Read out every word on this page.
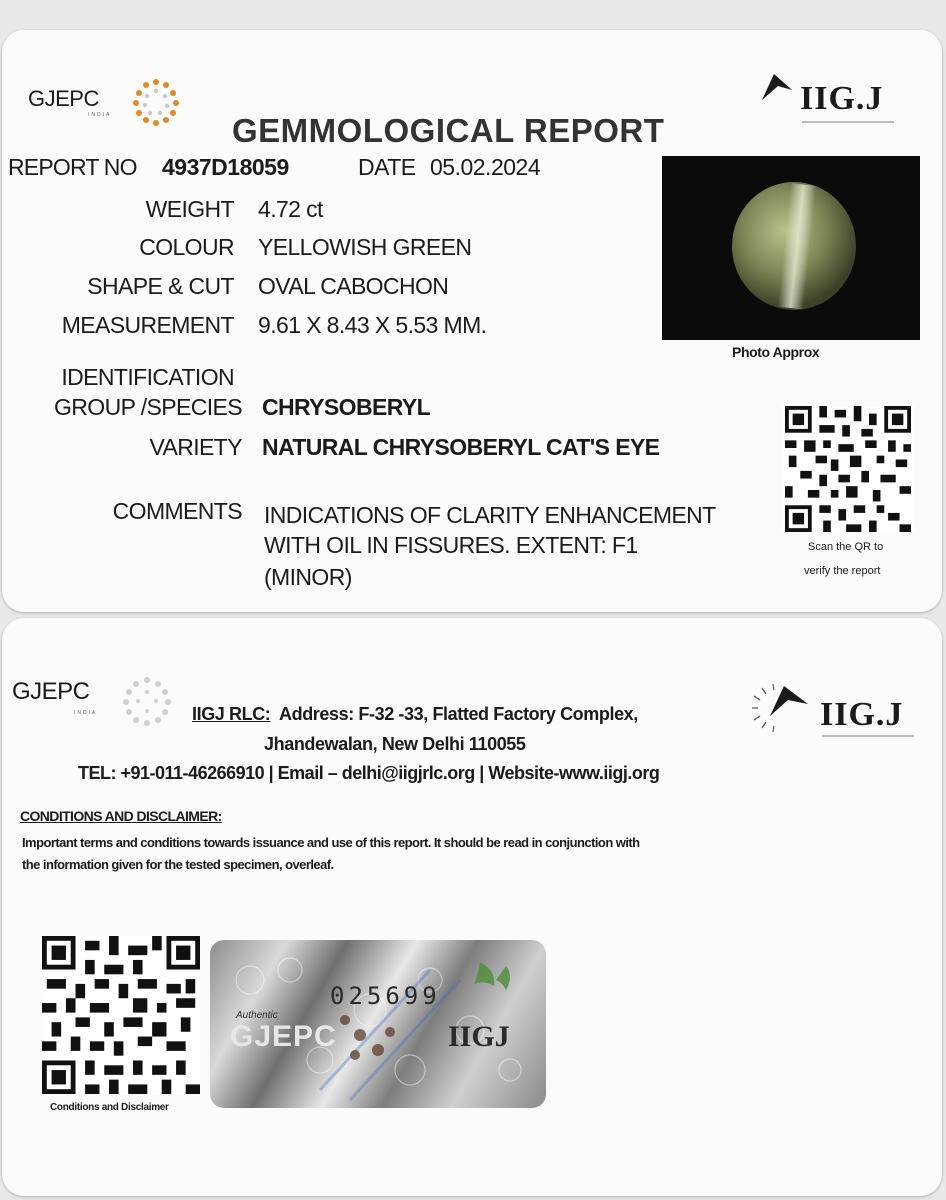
GJEPC
INDIA	IIG.J
GEMMOLOGICAL REPORT
REPORT NO 4937D18059	DATE 05.02.2024
WEIGHT 4.72 ct
COLOUR YELLOWISH GREEN
SHAPE & CUT OVAL CABOCHON
MEASUREMENT 9.61 X 8.43 X 5.53 MM.
IDENTIFICATION
GROUP /SPECIES CHRYSOBERYL
VARIETY NATURAL CHRYSOBERYL CAT'S EYE
COMMENTS INDICATIONS OF CLARITY ENHANCEMENT
WITH OIL IN FISSURES. EXTENT: F1
(MINOR)
Photo Approx
Scan the QR to
verify the report
GJEPC
INDIA	IIG.J
IIGJ RLC: Address: F-32 -33, Flatted Factory Complex,
Jhandewalan, New Delhi 110055
TEL: +91-011-46266910 | Email – delhi@iigjrlc.org | Website-www.iigj.org
CONDITIONS AND DISCLAIMER:
Important terms and conditions towards issuance and use of this report. It should be read in conjunction with
the information given for the tested specimen, overleaf.
Conditions and Disclaimer
025699
GJEPC
Authentic
IIGJ
